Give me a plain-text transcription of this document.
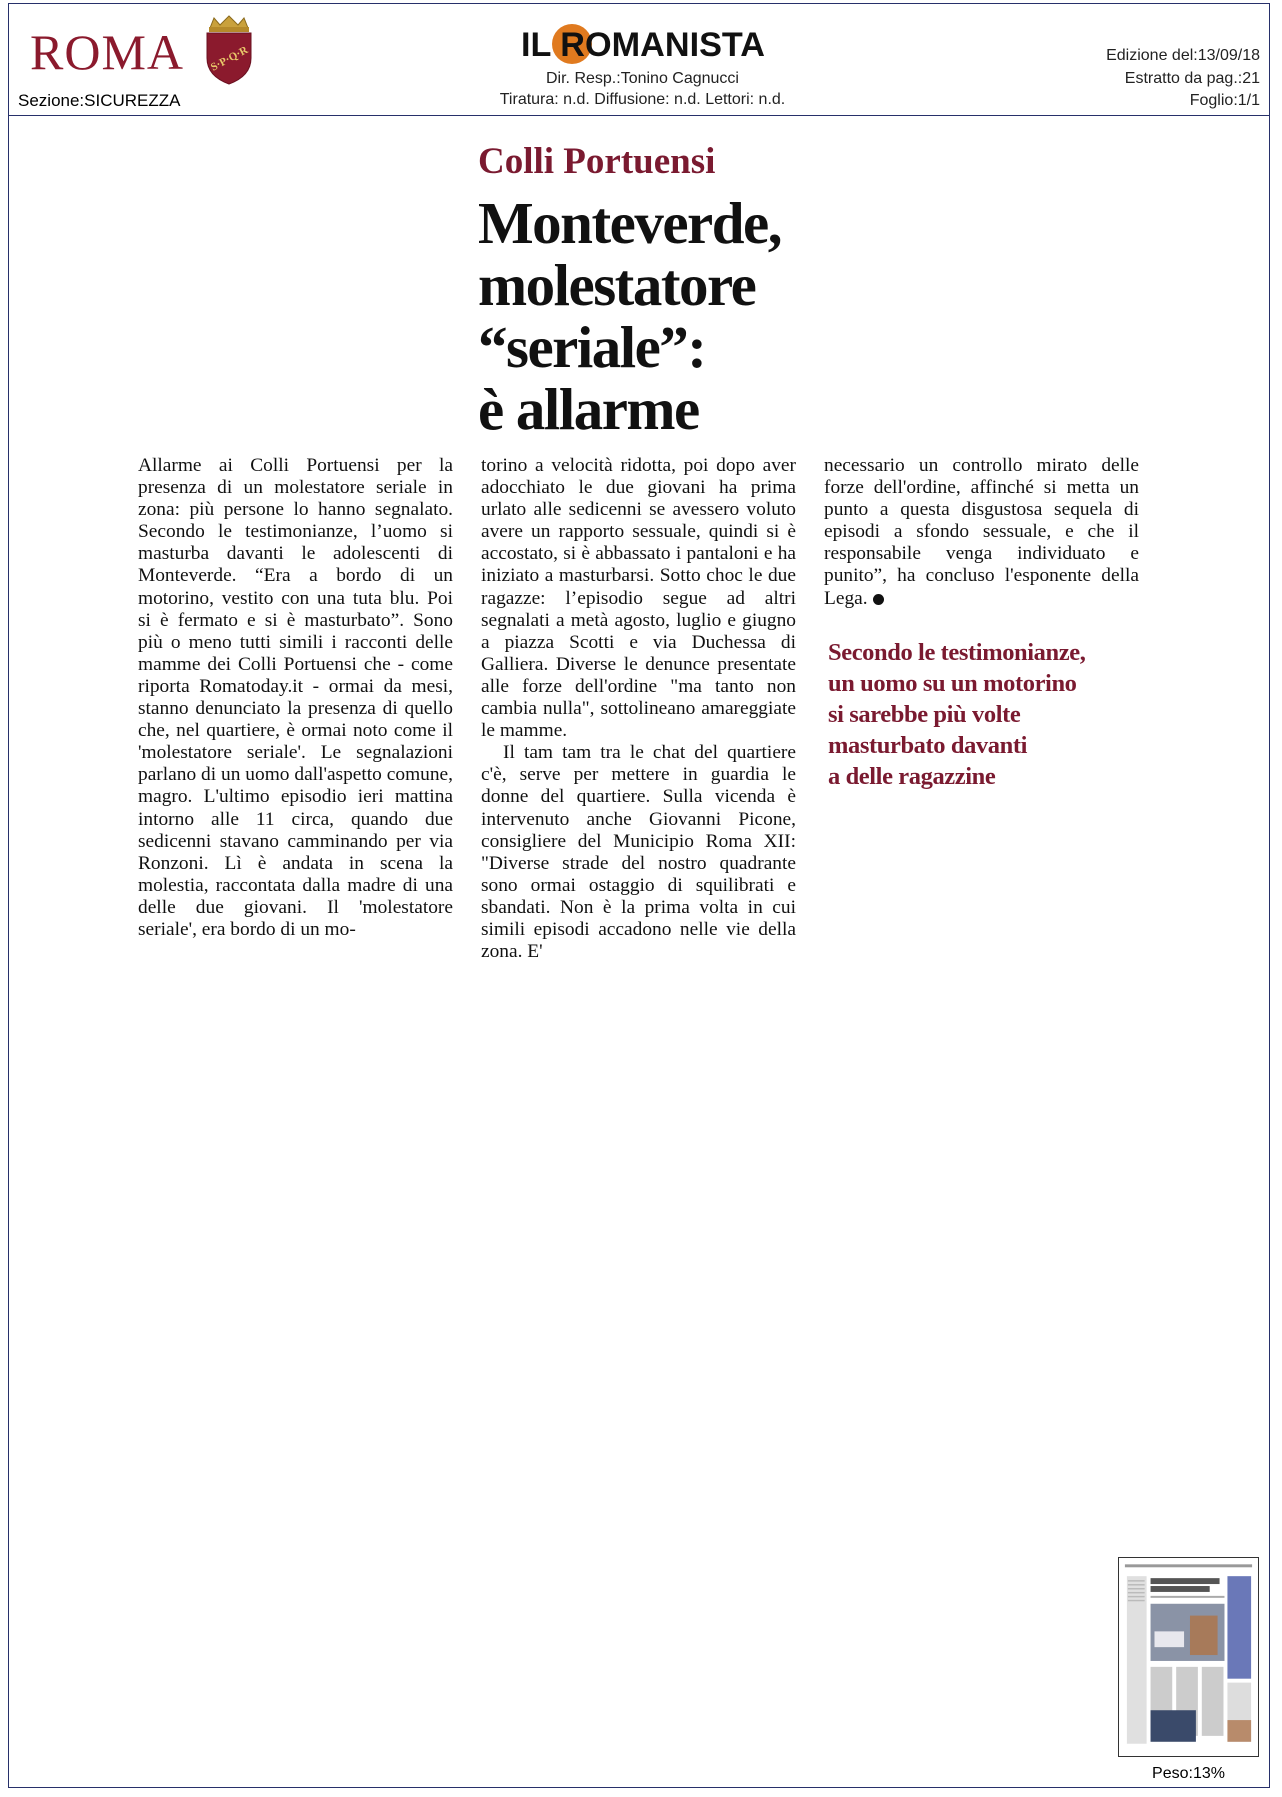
ROMA S·P·Q·R
Sezione:SICUREZZA
IL ROMANISTA
Dir. Resp.:Tonino Cagnucci
Tiratura: n.d. Diffusione: n.d. Lettori: n.d.
Edizione del:13/09/18
Estratto da pag.:21
Foglio:1/1
Colli Portuensi
Monteverde,
molestatore
“seriale”:
è allarme

Allarme ai Colli Portuensi per la presenza di un molestatore seriale in zona: più persone lo hanno segnalato. Secondo le testimonianze, l’uomo si masturba davanti le adolescenti di Monteverde. “Era a bordo di un motorino, vestito con una tuta blu. Poi si è fermato e si è masturbato”. Sono più o meno tutti simili i racconti delle mamme dei Colli Portuensi che - come riporta Romatoday.it - ormai da mesi, stanno denunciato la presenza di quello che, nel quartiere, è ormai noto come il 'molestatore seriale'. Le segnalazioni parlano di un uomo dall'aspetto comune, magro. L'ultimo episodio ieri mattina intorno alle 11 circa, quando due sedicenni stavano camminando per via Ronzoni. Lì è andata in scena la molestia, raccontata dalla madre di una delle due giovani. Il 'molestatore seriale', era bordo di un mo-

torino a velocità ridotta, poi dopo aver adocchiato le due giovani ha prima urlato alle sedicenni se avessero voluto avere un rapporto sessuale, quindi si è accostato, si è abbassato i pantaloni e ha iniziato a masturbarsi. Sotto choc le due ragazze: l’episodio segue ad altri segnalati a metà agosto, luglio e giugno a piazza Scotti e via Duchessa di Galliera. Diverse le denunce presentate alle forze dell'ordine "ma tanto non cambia nulla", sottolineano amareggiate le mamme.

Il tam tam tra le chat del quartiere c'è, serve per mettere in guardia le donne del quartiere. Sulla vicenda è intervenuto anche Giovanni Picone, consigliere del Municipio Roma XII: "Diverse strade del nostro quadrante sono ormai ostaggio di squilibrati e sbandati. Non è la prima volta in cui simili episodi accadono nelle vie della zona. E'

necessario un controllo mirato delle forze dell'ordine, affinché si metta un punto a questa disgustosa sequela di episodi a sfondo sessuale, e che il responsabile venga individuato e punito”, ha concluso l'esponente della Lega.

Secondo le testimonianze,
un uomo su un motorino
si sarebbe più volte
masturbato davanti
a delle ragazzine
Peso:13%
